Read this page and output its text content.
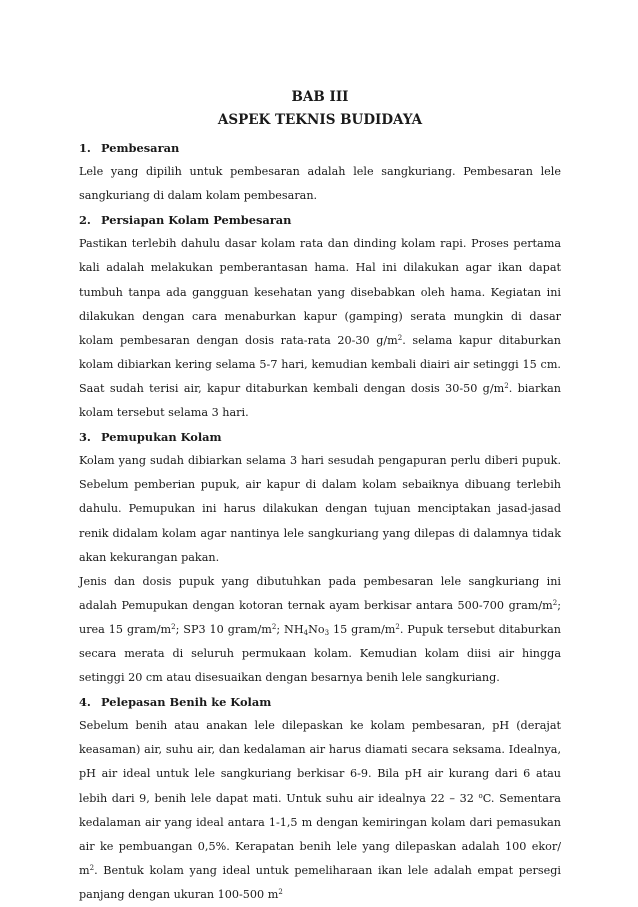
BAB III
ASPEK TEKNIS BUDIDAYA
1. Pembesaran

Lele yang dipilih untuk pembesaran adalah lele sangkuriang. Pembesaran lele sangkuriang di dalam kolam pembesaran.

2. Persiapan Kolam Pembesaran

Pastikan terlebih dahulu dasar kolam rata dan dinding kolam rapi. Proses pertama kali adalah melakukan pemberantasan hama. Hal ini dilakukan agar ikan dapat tumbuh tanpa ada gangguan kesehatan yang disebabkan oleh hama. Kegiatan ini dilakukan dengan cara menaburkan kapur (gamping) serata mungkin di dasar kolam pembesaran dengan dosis rata-rata 20-30 $g/m^2$. selama kapur ditaburkan kolam dibiarkan kering selama 5-7 hari, kemudian kembali diairi air setinggi 15 cm. Saat sudah terisi air, kapur ditaburkan kembali dengan dosis 30-50 $g/m^2$. biarkan kolam tersebut selama 3 hari.

3. Pemupukan Kolam

Kolam yang sudah dibiarkan selama 3 hari sesudah pengapuran perlu diberi pupuk. Sebelum pemberian pupuk, air kapur di dalam kolam sebaiknya dibuang terlebih dahulu. Pemupukan ini harus dilakukan dengan tujuan menciptakan jasad-jasad renik didalam kolam agar nantinya lele sangkuriang yang dilepas di dalamnya tidak akan kekurangan pakan.

Jenis dan dosis pupuk yang dibutuhkan pada pembesaran lele sangkuriang ini adalah Pemupukan dengan kotoran ternak ayam berkisar antara 500-700 gram/$m^2$; urea 15 gram/$m^2$; SP3 10 gram/$m^2$; $NH_4No_3$ 15 gram/$m^2$. Pupuk tersebut ditaburkan secara merata di seluruh permukaan kolam. Kemudian kolam diisi air hingga setinggi 20 cm atau disesuaikan dengan besarnya benih lele sangkuriang.

4. Pelepasan Benih ke Kolam

Sebelum benih atau anakan lele dilepaskan ke kolam pembesaran, pH (derajat keasaman) air, suhu air, dan kedalaman air harus diamati secara seksama. Idealnya, pH air ideal untuk lele sangkuriang berkisar 6-9. Bila pH air kurang dari 6 atau lebih dari 9, benih lele dapat mati. Untuk suhu air idealnya 22 – 32 $^o$C. Sementara kedalaman air yang ideal antara 1-1,5 m dengan kemiringan kolam dari pemasukan air ke pembuangan 0,5%. Kerapatan benih lele yang dilepaskan adalah 100 ekor/ $m^2$. Bentuk kolam yang ideal untuk pemeliharaan ikan lele adalah empat persegi panjang dengan ukuran 100-500 $m^2$
